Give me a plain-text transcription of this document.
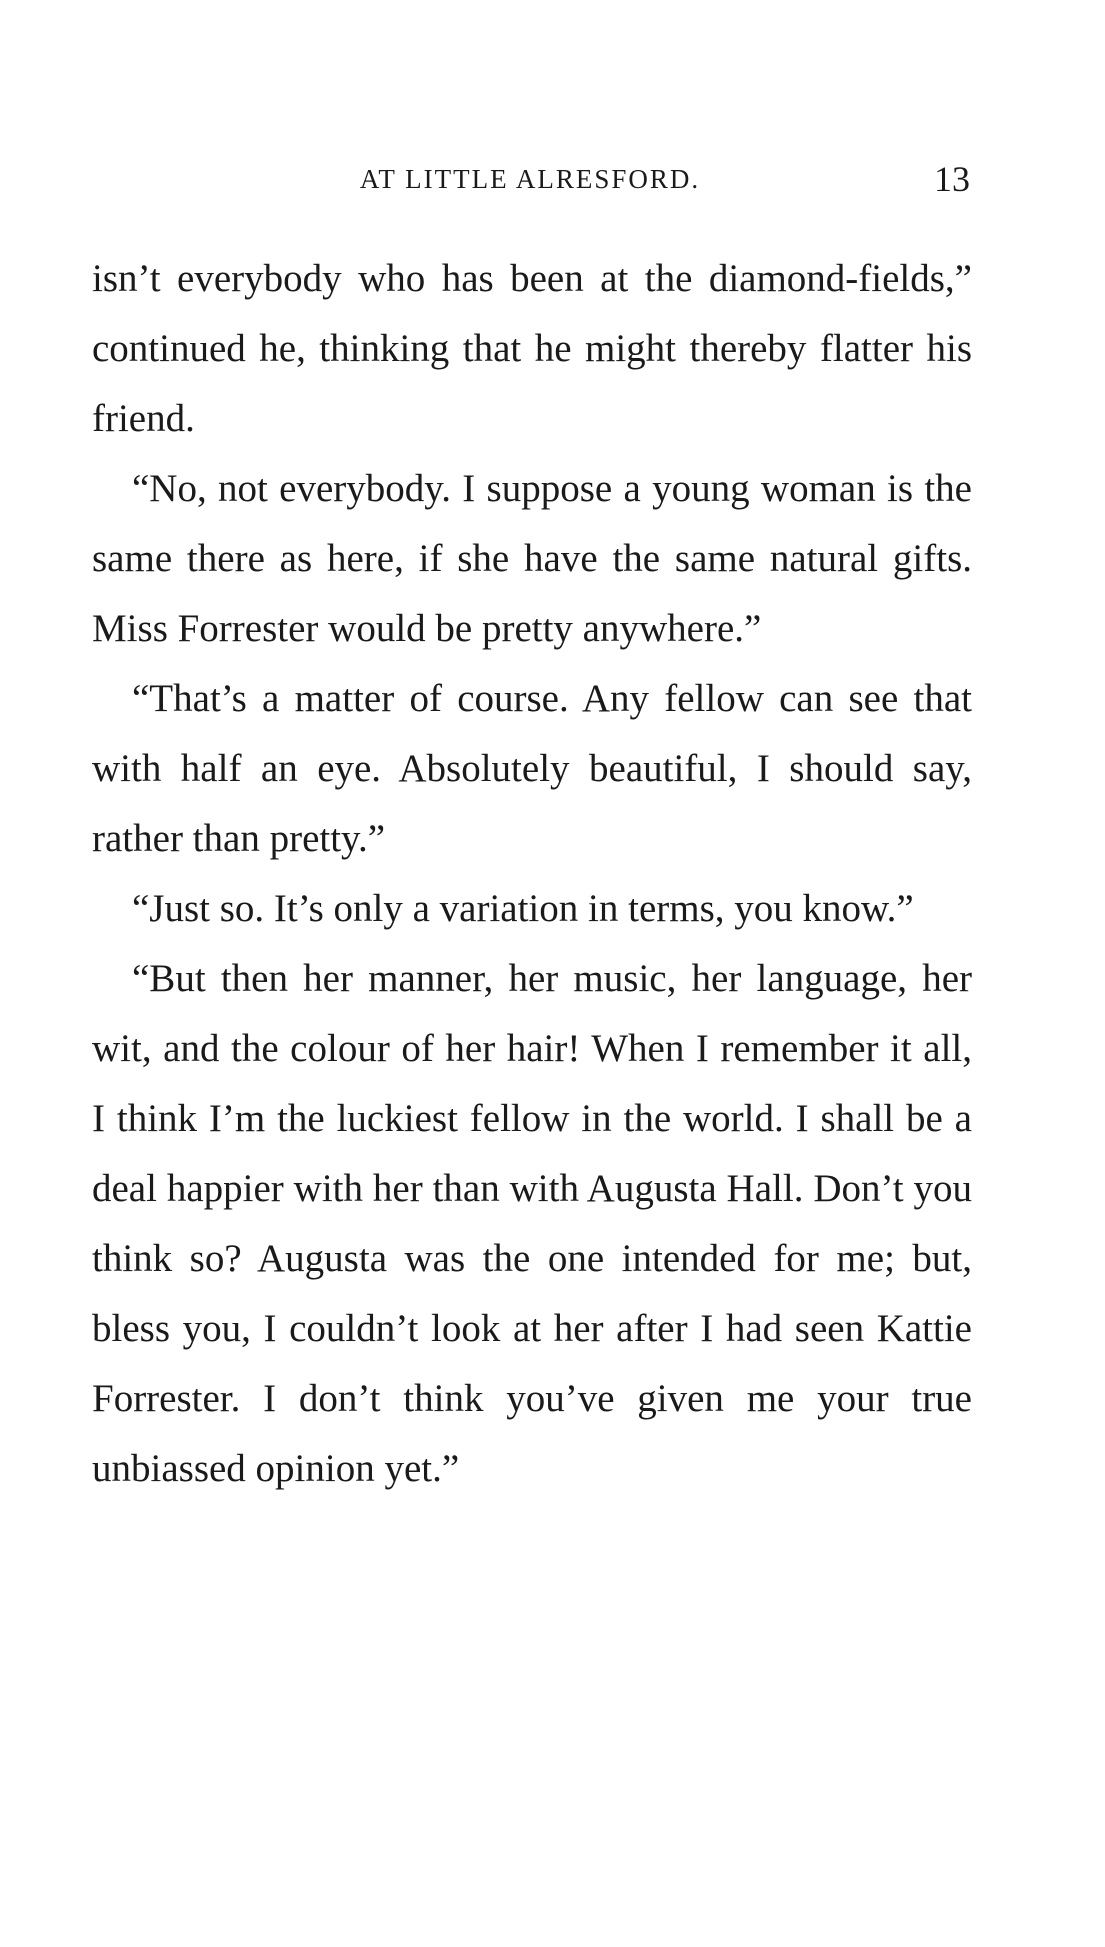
AT LITTLE ALRESFORD.	13

isn’t everybody who has been at the diamond-fields,” continued he, thinking that he might thereby flatter his friend.

“No, not everybody. I suppose a young woman is the same there as here, if she have the same natural gifts. Miss Forrester would be pretty anywhere.”

“That’s a matter of course. Any fellow can see that with half an eye. Absolutely beautiful, I should say, rather than pretty.”

“Just so. It’s only a variation in terms, you know.”

“But then her manner, her music, her language, her wit, and the colour of her hair! When I remember it all, I think I’m the luckiest fellow in the world. I shall be a deal happier with her than with Augusta Hall. Don’t you think so? Augusta was the one intended for me; but, bless you, I couldn’t look at her after I had seen Kattie Forrester. I don’t think you’ve given me your true unbiassed opinion yet.”
